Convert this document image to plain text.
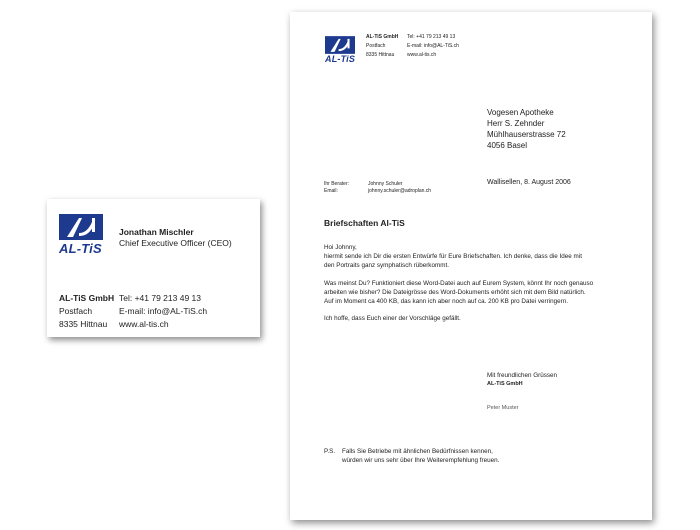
AL-TiS
Jonathan Mischler
Chief Executive Officer (CEO)
AL-TiS GmbH
Postfach
8335 Hittnau
Tel: +41 79 213 49 13
E-mail: info@AL-TiS.ch
www.al-tis.ch
AL-TiS
AL-TiS GmbH
Postfach
8335 Hittnau
Tel: +41 79 213 49 13
E-mail: info@AL-TiS.ch
www.al-tis.ch
Vogesen Apotheke
Herr S. Zehnder
Mühlhauserstrasse 72
4056 Basel
Ihr Berater:	Johnny Schuler
Email:	johnny.schuler@adroplan.ch
Wallisellen, 8. August 2006
Briefschaften Al-TiS
Hoi Johnny,
hiermit sende ich Dir die ersten Entwürfe für Eure Briefschaften. Ich denke, dass die Idee mit
den Portraits ganz symphatisch rüberkommt.
Was meinst Du? Funktioniert diese Word-Datei auch auf Eurem System, könnt Ihr noch genauso
arbeiten wie bisher? Die Dateigrösse des Word-Dokuments erhöht sich mit dem Bild natürlich.
Auf im Moment ca 400 KB, das kann ich aber noch auf ca. 200 KB pro Datei verringern.
Ich hoffe, dass Euch einer der Vorschläge gefällt.
Mit freundlichen Grüssen
AL-TiS GmbH
Peter Muster
P.S. Falls Sie Betriebe mit ähnlichen Bedürfnissen kennen,
würden wir uns sehr über Ihre Weiterempfehlung freuen.
